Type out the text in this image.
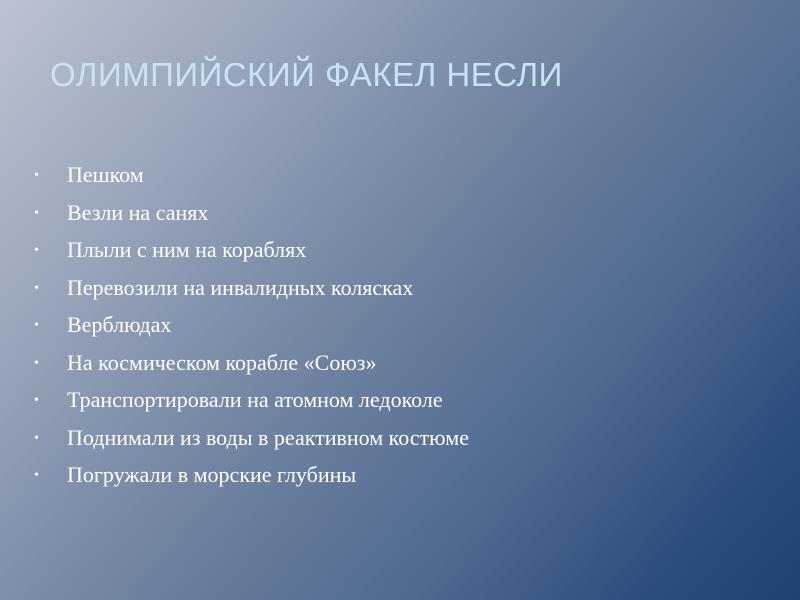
ОЛИМПИЙСКИЙ ФАКЕЛ НЕСЛИ
•	Пешком
•	Везли на санях
•	Плыли с ним на кораблях
•	Перевозили на инвалидных колясках
•	Верблюдах
•	На космическом корабле «Союз»
•	Транспортировали на атомном ледоколе
•	Поднимали из воды в реактивном костюме
•	Погружали в морские глубины
